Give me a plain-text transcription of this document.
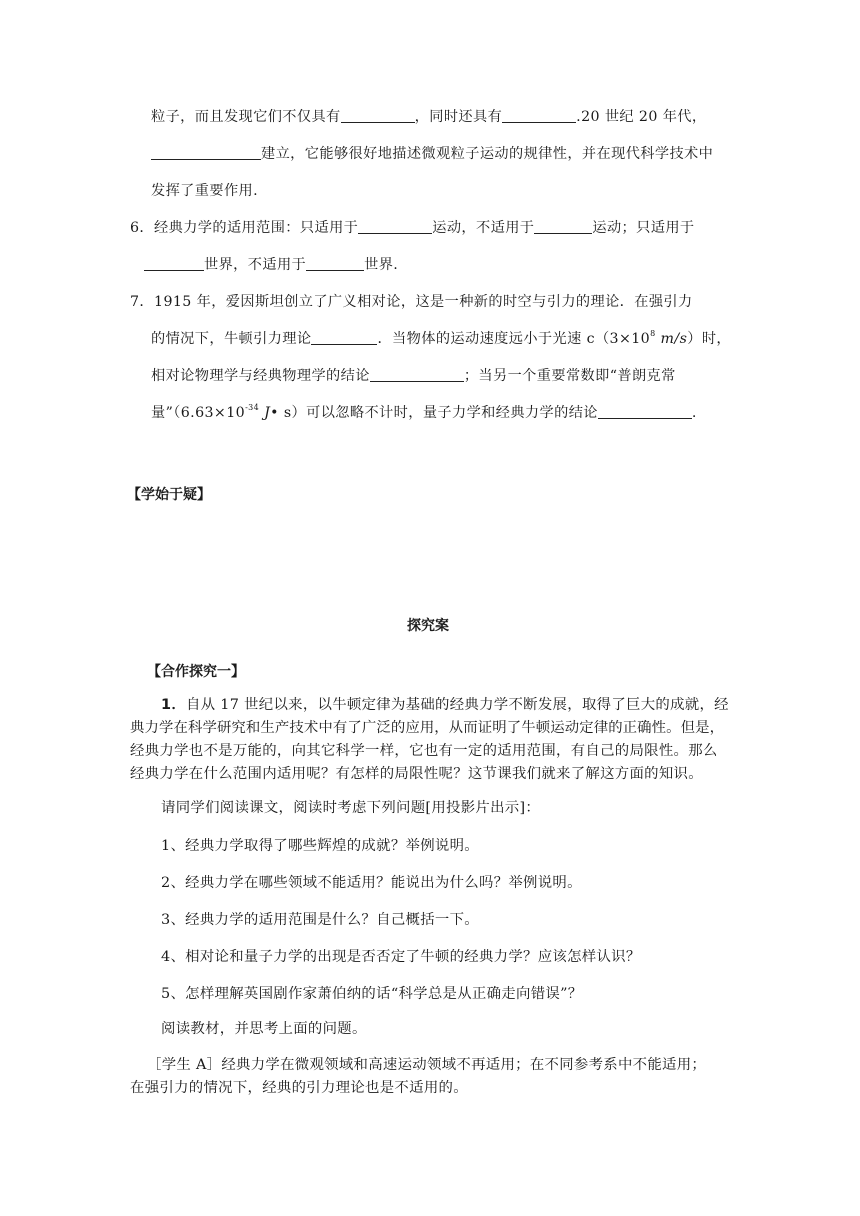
粒子，而且发现它们不仅具有	，同时还具有	.20 世纪 20 年代，
建立，它能够很好地描述微观粒子运动的规律性，并在现代科学技术中
发挥了重要作用.
6．经典力学的适用范围：只适用于	运动，不适用于	运动；只适用于
世界，不适用于	世界.
7．1915 年，爱因斯坦创立了广义相对论，这是一种新的时空与引力的理论．在强引力
的情况下，牛顿引力理论	．当物体的运动速度远小于光速 $c(3\times 10^8$ m/s）时，
相对论物理学与经典物理学的结论	；当另一个重要常数即“普朗克常
量$”(6.63\times 10^{-34}$ J• s）可以忽略不计时，量子力学和经典力学的结论	.
【学始于疑】
探究案
【合作探究一】
1．自从 17 世纪以来，以牛顿定律为基础的经典力学不断发展，取得了巨大的成就，经
典力学在科学研究和生产技术中有了广泛的应用，从而证明了牛顿运动定律的正确性。但是，
经典力学也不是万能的，向其它科学一样，它也有一定的适用范围，有自己的局限性。那么
经典力学在什么范围内适用呢？有怎样的局限性呢？这节课我们就来了解这方面的知识。
请同学们阅读课文，阅读时考虑下列问题[用投影片出示]：
1、经典力学取得了哪些辉煌的成就？举例说明。
2、经典力学在哪些领域不能适用？能说出为什么吗？举例说明。
3、经典力学的适用范围是什么？自己概括一下。
4、相对论和量子力学的出现是否否定了牛顿的经典力学？应该怎样认识？
5、怎样理解英国剧作家萧伯纳的话“科学总是从正确走向错误”？
阅读教材，并思考上面的问题。
［学生 A］经典力学在微观领域和高速运动领域不再适用；在不同参考系中不能适用；
在强引力的情况下，经典的引力理论也是不适用的。
